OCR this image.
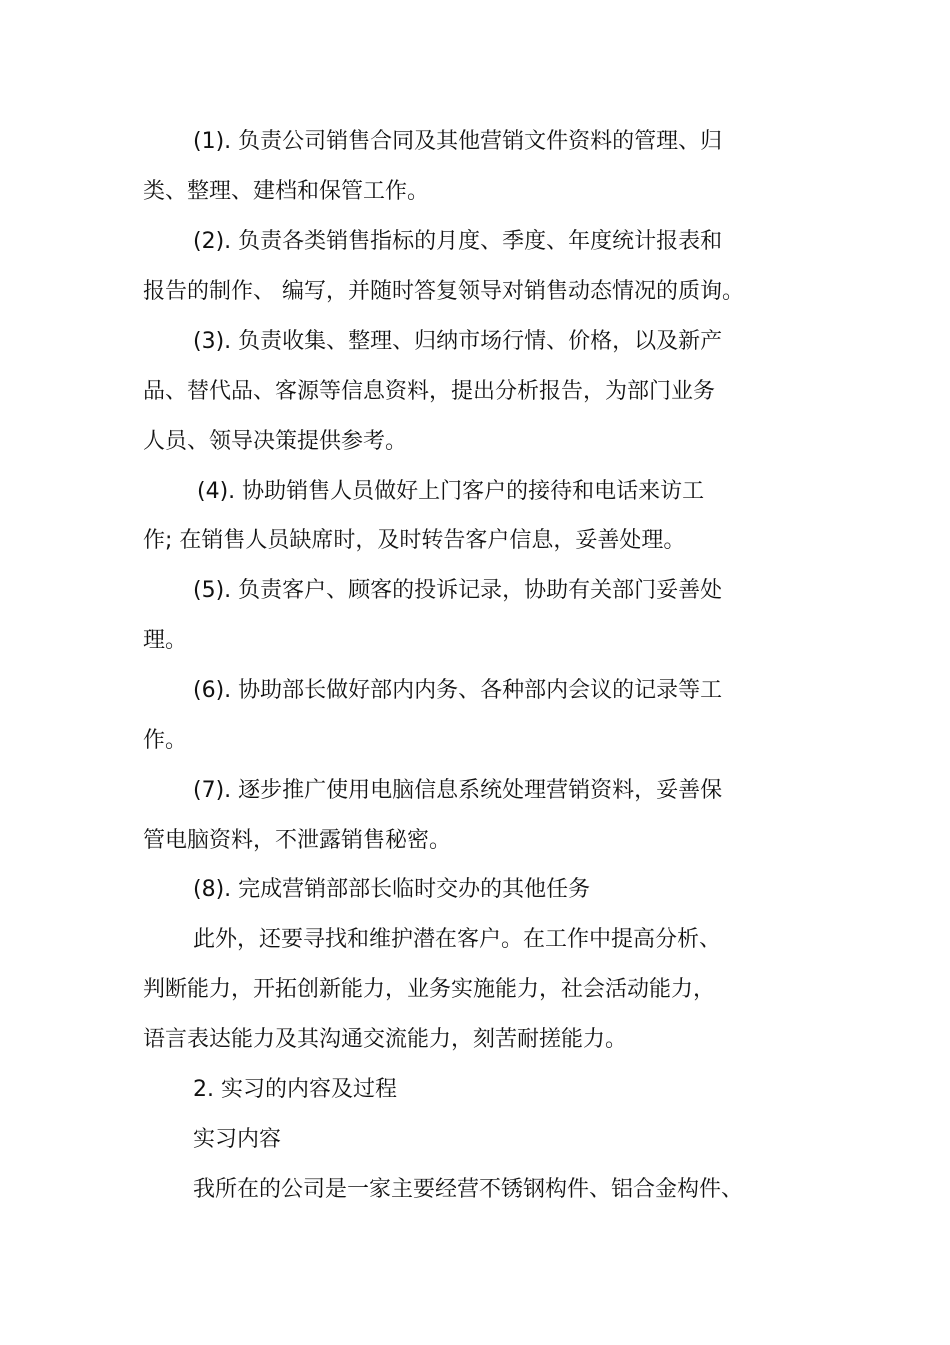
(1). 负责公司销售合同及其他营销文件资料的管理、归

类、整理、建档和保管工作。

(2). 负责各类销售指标的月度、季度、年度统计报表和

报告的制作、 编写，并随时答复领导对销售动态情况的质询。

(3). 负责收集、整理、归纳市场行情、价格，以及新产

品、替代品、客源等信息资料，提出分析报告，为部门业务

人员、领导决策提供参考。

(4). 协助销售人员做好上门客户的接待和电话来访工

作; 在销售人员缺席时，及时转告客户信息，妥善处理。

(5). 负责客户、顾客的投诉记录，协助有关部门妥善处

理。

(6). 协助部长做好部内内务、各种部内会议的记录等工

作。

(7). 逐步推广使用电脑信息系统处理营销资料，妥善保

管电脑资料，不泄露销售秘密。

(8). 完成营销部部长临时交办的其他任务

此外，还要寻找和维护潜在客户。在工作中提高分析、

判断能力，开拓创新能力，业务实施能力，社会活动能力，

语言表达能力及其沟通交流能力，刻苦耐搓能力。

2. 实习的内容及过程

实习内容

我所在的公司是一家主要经营不锈钢构件、铝合金构件、
